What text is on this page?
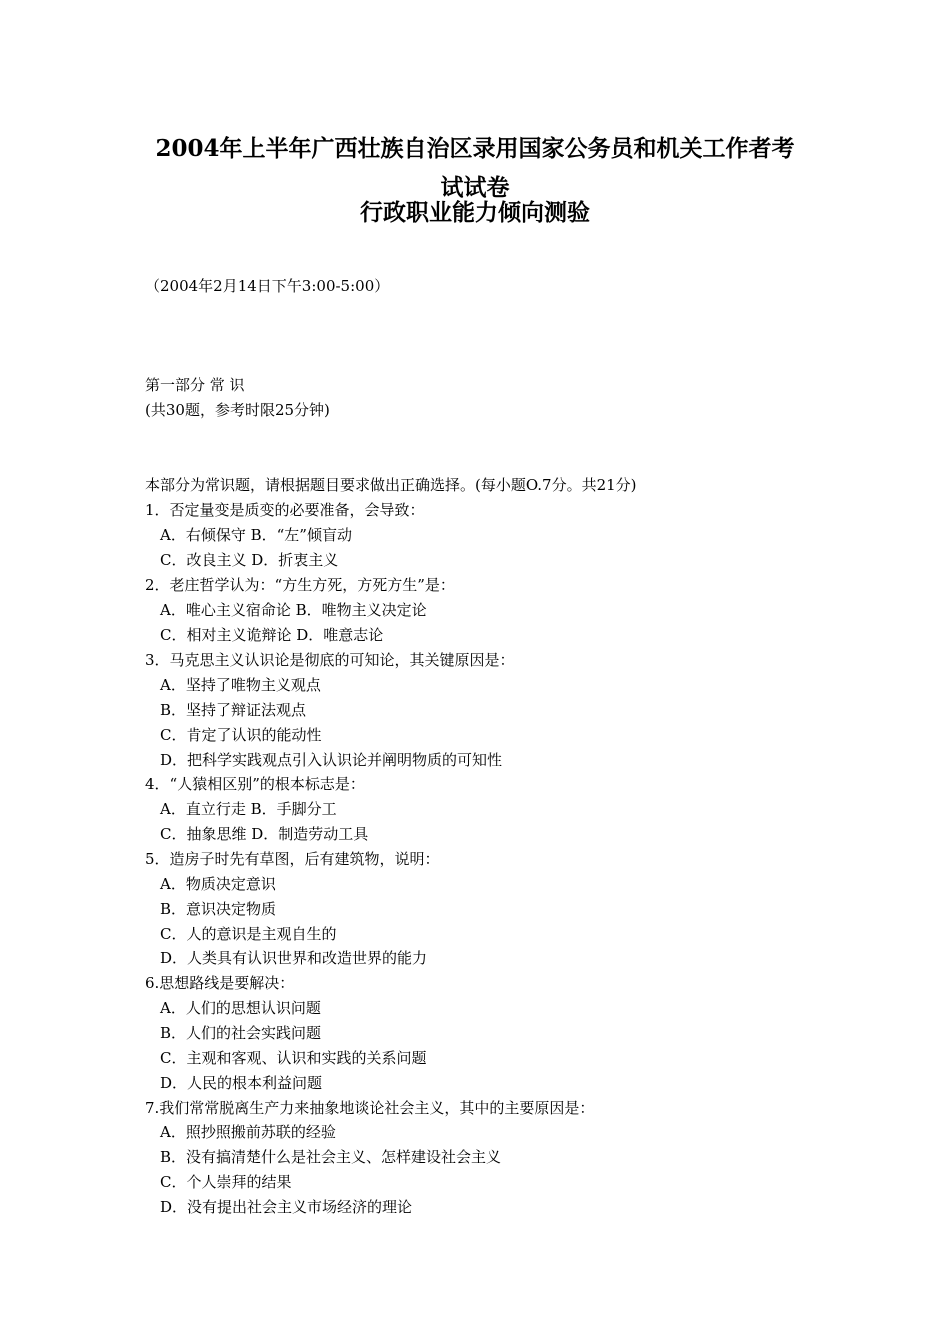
2004年上半年广西壮族自治区录用国家公务员和机关工作者考
试试卷
行政职业能力倾向测验
（2004年2月14日下午3:00-5:00）
第一部分 常 识
(共30题，参考时限25分钟)
本部分为常识题，请根据题目要求做出正确选择。(每小题O.7分。共21分)
1．否定量变是质变的必要准备，会导致：
A．右倾保守 B．“左”倾盲动
C．改良主义 D．折衷主义
2．老庄哲学认为：“方生方死，方死方生”是：
A．唯心主义宿命论 B．唯物主义决定论
C．相对主义诡辩论 D．唯意志论
3．马克思主义认识论是彻底的可知论，其关键原因是：
A．坚持了唯物主义观点
B．坚持了辩证法观点
C．肯定了认识的能动性
D．把科学实践观点引入认识论并阐明物质的可知性
4．“人猿相区别”的根本标志是：
A．直立行走 B．手脚分工
C．抽象思维 D．制造劳动工具
5．造房子时先有草图，后有建筑物，说明：
A．物质决定意识
B．意识决定物质
C．人的意识是主观自生的
D．人类具有认识世界和改造世界的能力
6.思想路线是要解决：
A．人们的思想认识问题
B．人们的社会实践问题
C．主观和客观、认识和实践的关系问题
D．人民的根本利益问题
7.我们常常脱离生产力来抽象地谈论社会主义，其中的主要原因是：
A．照抄照搬前苏联的经验
B．没有搞清楚什么是社会主义、怎样建设社会主义
C．个人崇拜的结果
D．没有提出社会主义市场经济的理论
